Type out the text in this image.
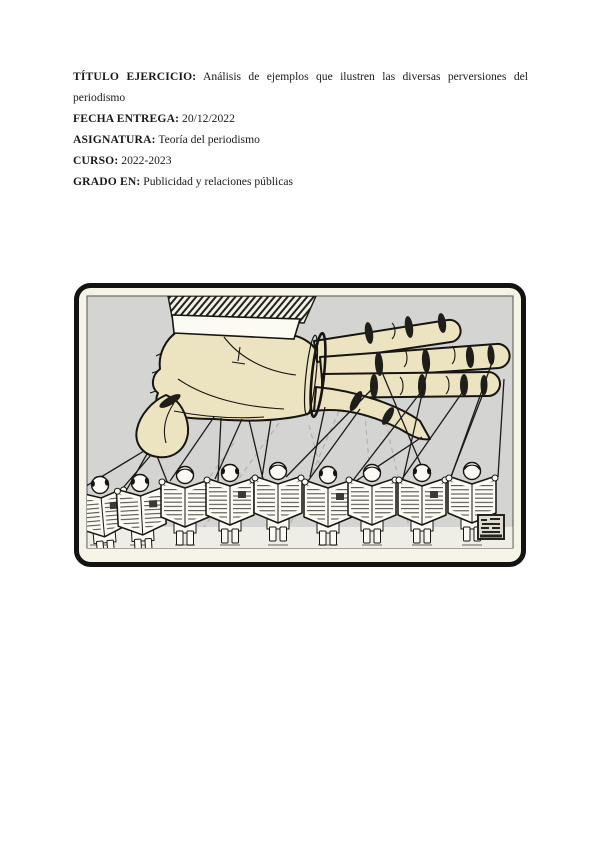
TÍTULO EJERCICIO: Análisis de ejemplos que ilustren las diversas perversiones del periodismo

FECHA ENTREGA: 20/12/2022

ASIGNATURA: Teoría del periodismo

CURSO: 2022-2023

GRADO EN: Publicidad y relaciones públicas
